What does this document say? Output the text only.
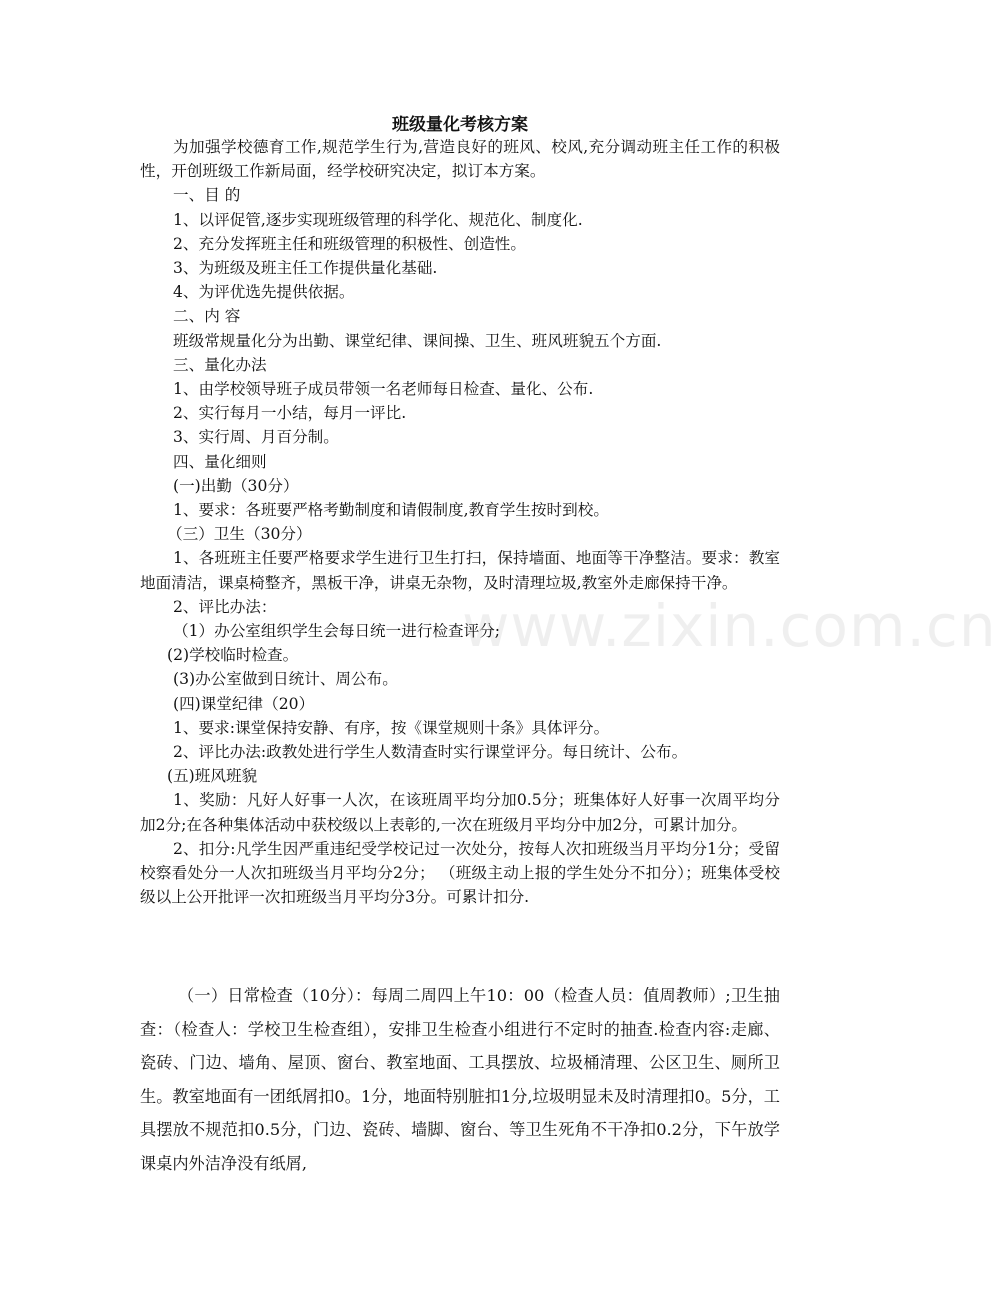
班级量化考核方案

为加强学校德育工作,规范学生行为,营造良好的班风、校风,充分调动班主任工作的积极性，开创班级工作新局面，经学校研究决定，拟订本方案。

一、目 的

1、以评促管,逐步实现班级管理的科学化、规范化、制度化.

2、充分发挥班主任和班级管理的积极性、创造性。

3、为班级及班主任工作提供量化基础.

4、为评优选先提供依据。

二、内 容

班级常规量化分为出勤、课堂纪律、课间操、卫生、班风班貌五个方面.

三、量化办法

1、由学校领导班子成员带领一名老师每日检查、量化、公布.

2、实行每月一小结，每月一评比.

3、实行周、月百分制。

四、量化细则

(一)出勤（30分）

1、要求：各班要严格考勤制度和请假制度,教育学生按时到校。

（三）卫生（30分）

1、各班班主任要严格要求学生进行卫生打扫，保持墙面、地面等干净整洁。要求：教室地面清洁，课桌椅整齐，黑板干净，讲桌无杂物，及时清理垃圾,教室外走廊保持干净。

2、评比办法：

（1）办公室组织学生会每日统一进行检查评分;

(2)学校临时检查。

(3)办公室做到日统计、周公布。

(四)课堂纪律（20）

1、要求:课堂保持安静、有序，按《课堂规则十条》具体评分。

2、评比办法:政教处进行学生人数清查时实行课堂评分。每日统计、公布。

(五)班风班貌

1、奖励：凡好人好事一人次，在该班周平均分加0.5分；班集体好人好事一次周平均分加2分;在各种集体活动中获校级以上表彰的,一次在班级月平均分中加2分，可累计加分。

2、扣分:凡学生因严重违纪受学校记过一次处分，按每人次扣班级当月平均分1分；受留校察看处分一人次扣班级当月平均分2分； （班级主动上报的学生处分不扣分）；班集体受校级以上公开批评一次扣班级当月平均分3分。可累计扣分.

（一）日常检查（10分）：每周二周四上午10：00（检查人员：值周教师）;卫生抽查：（检查人：学校卫生检查组），安排卫生检查小组进行不定时的抽查.检查内容:走廊、瓷砖、门边、墙角、屋顶、窗台、教室地面、工具摆放、垃圾桶清理、公区卫生、厕所卫生。教室地面有一团纸屑扣0。1分，地面特别脏扣1分,垃圾明显未及时清理扣0。5分，工具摆放不规范扣0.5分，门边、瓷砖、墙脚、窗台、等卫生死角不干净扣0.2分，下午放学课桌内外洁净没有纸屑,

www.zixin.com.cn
